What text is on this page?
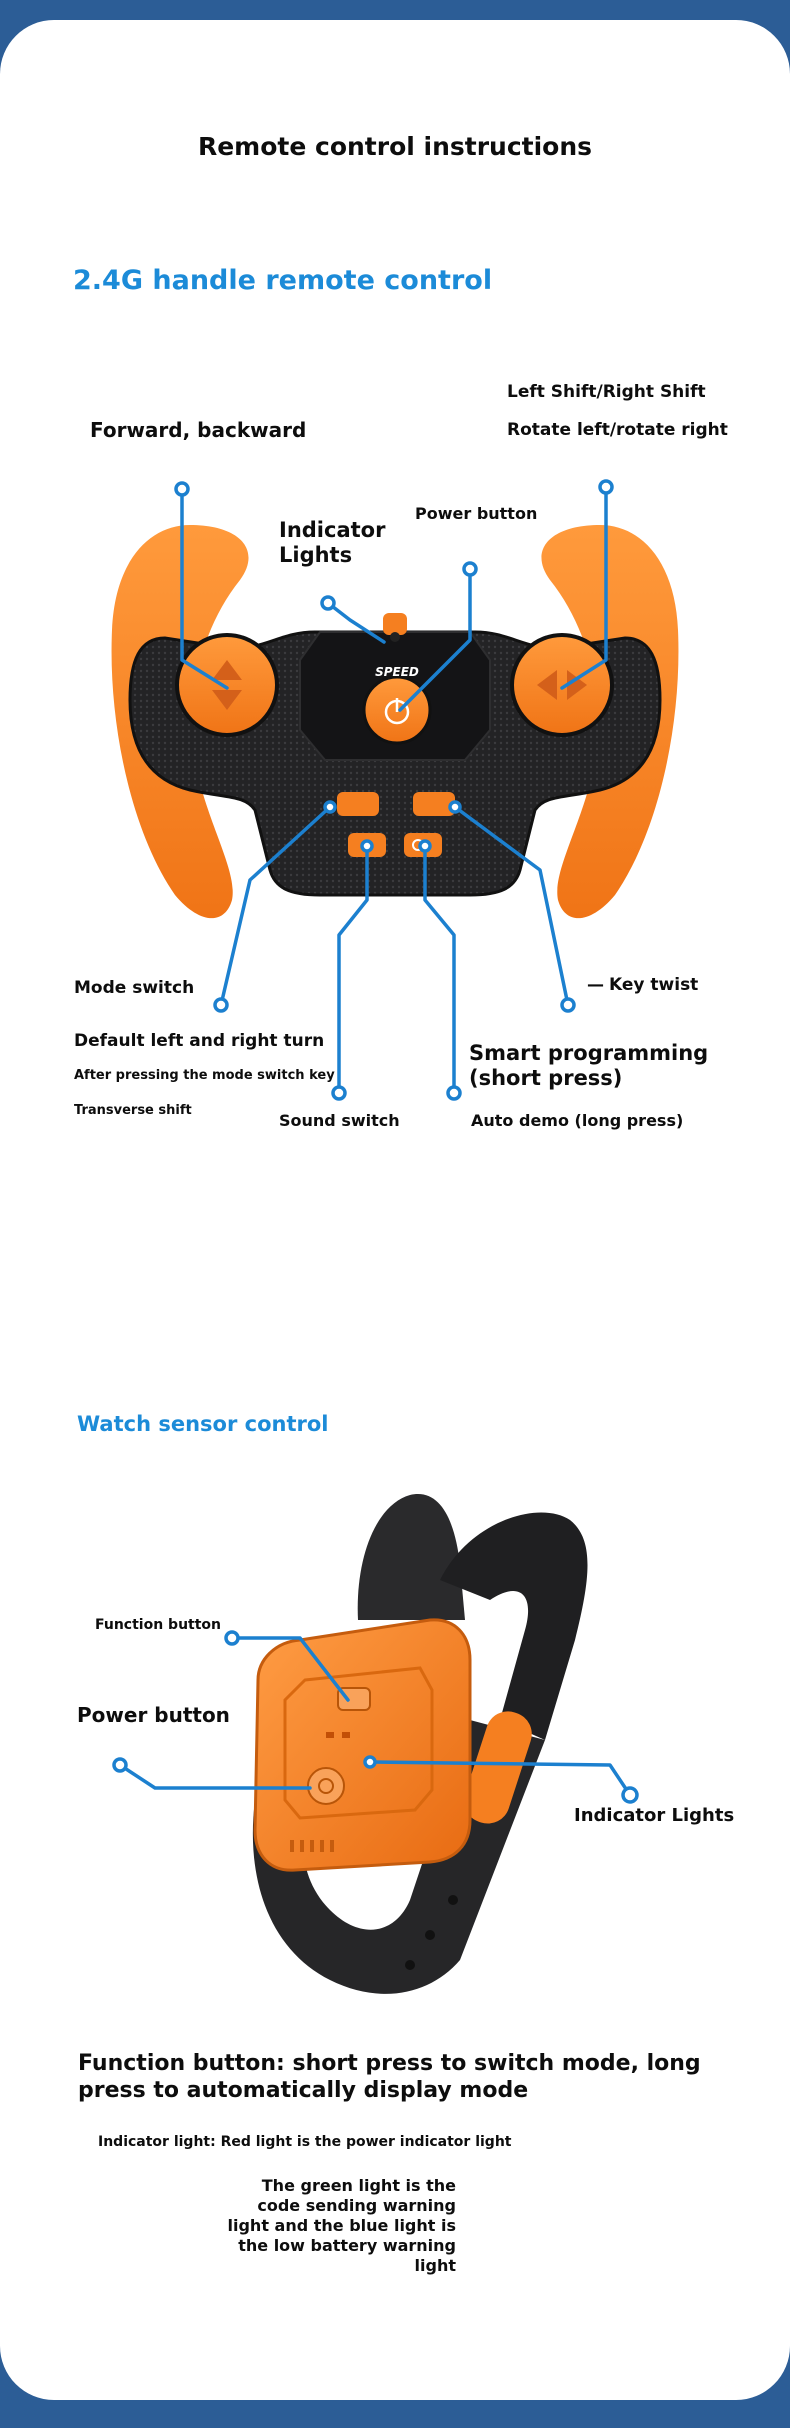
Remote control instructions
2.4G handle remote control
SPEED
Forward, backward
Left Shift/Right Shift
Rotate left/rotate right
Indicator Lights
Power button
Mode switch	— Key twist
Default left and right turn
After pressing the mode switch key
Transverse shift
Sound switch
Smart programming (short press)
Auto demo (long press)
Watch sensor control
Function button
Power button
Indicator Lights
Function button: short press to switch mode, long press to automatically display mode
Indicator light: Red light is the power indicator light
The green light is the code sending warning light and the blue light is the low battery warning light
